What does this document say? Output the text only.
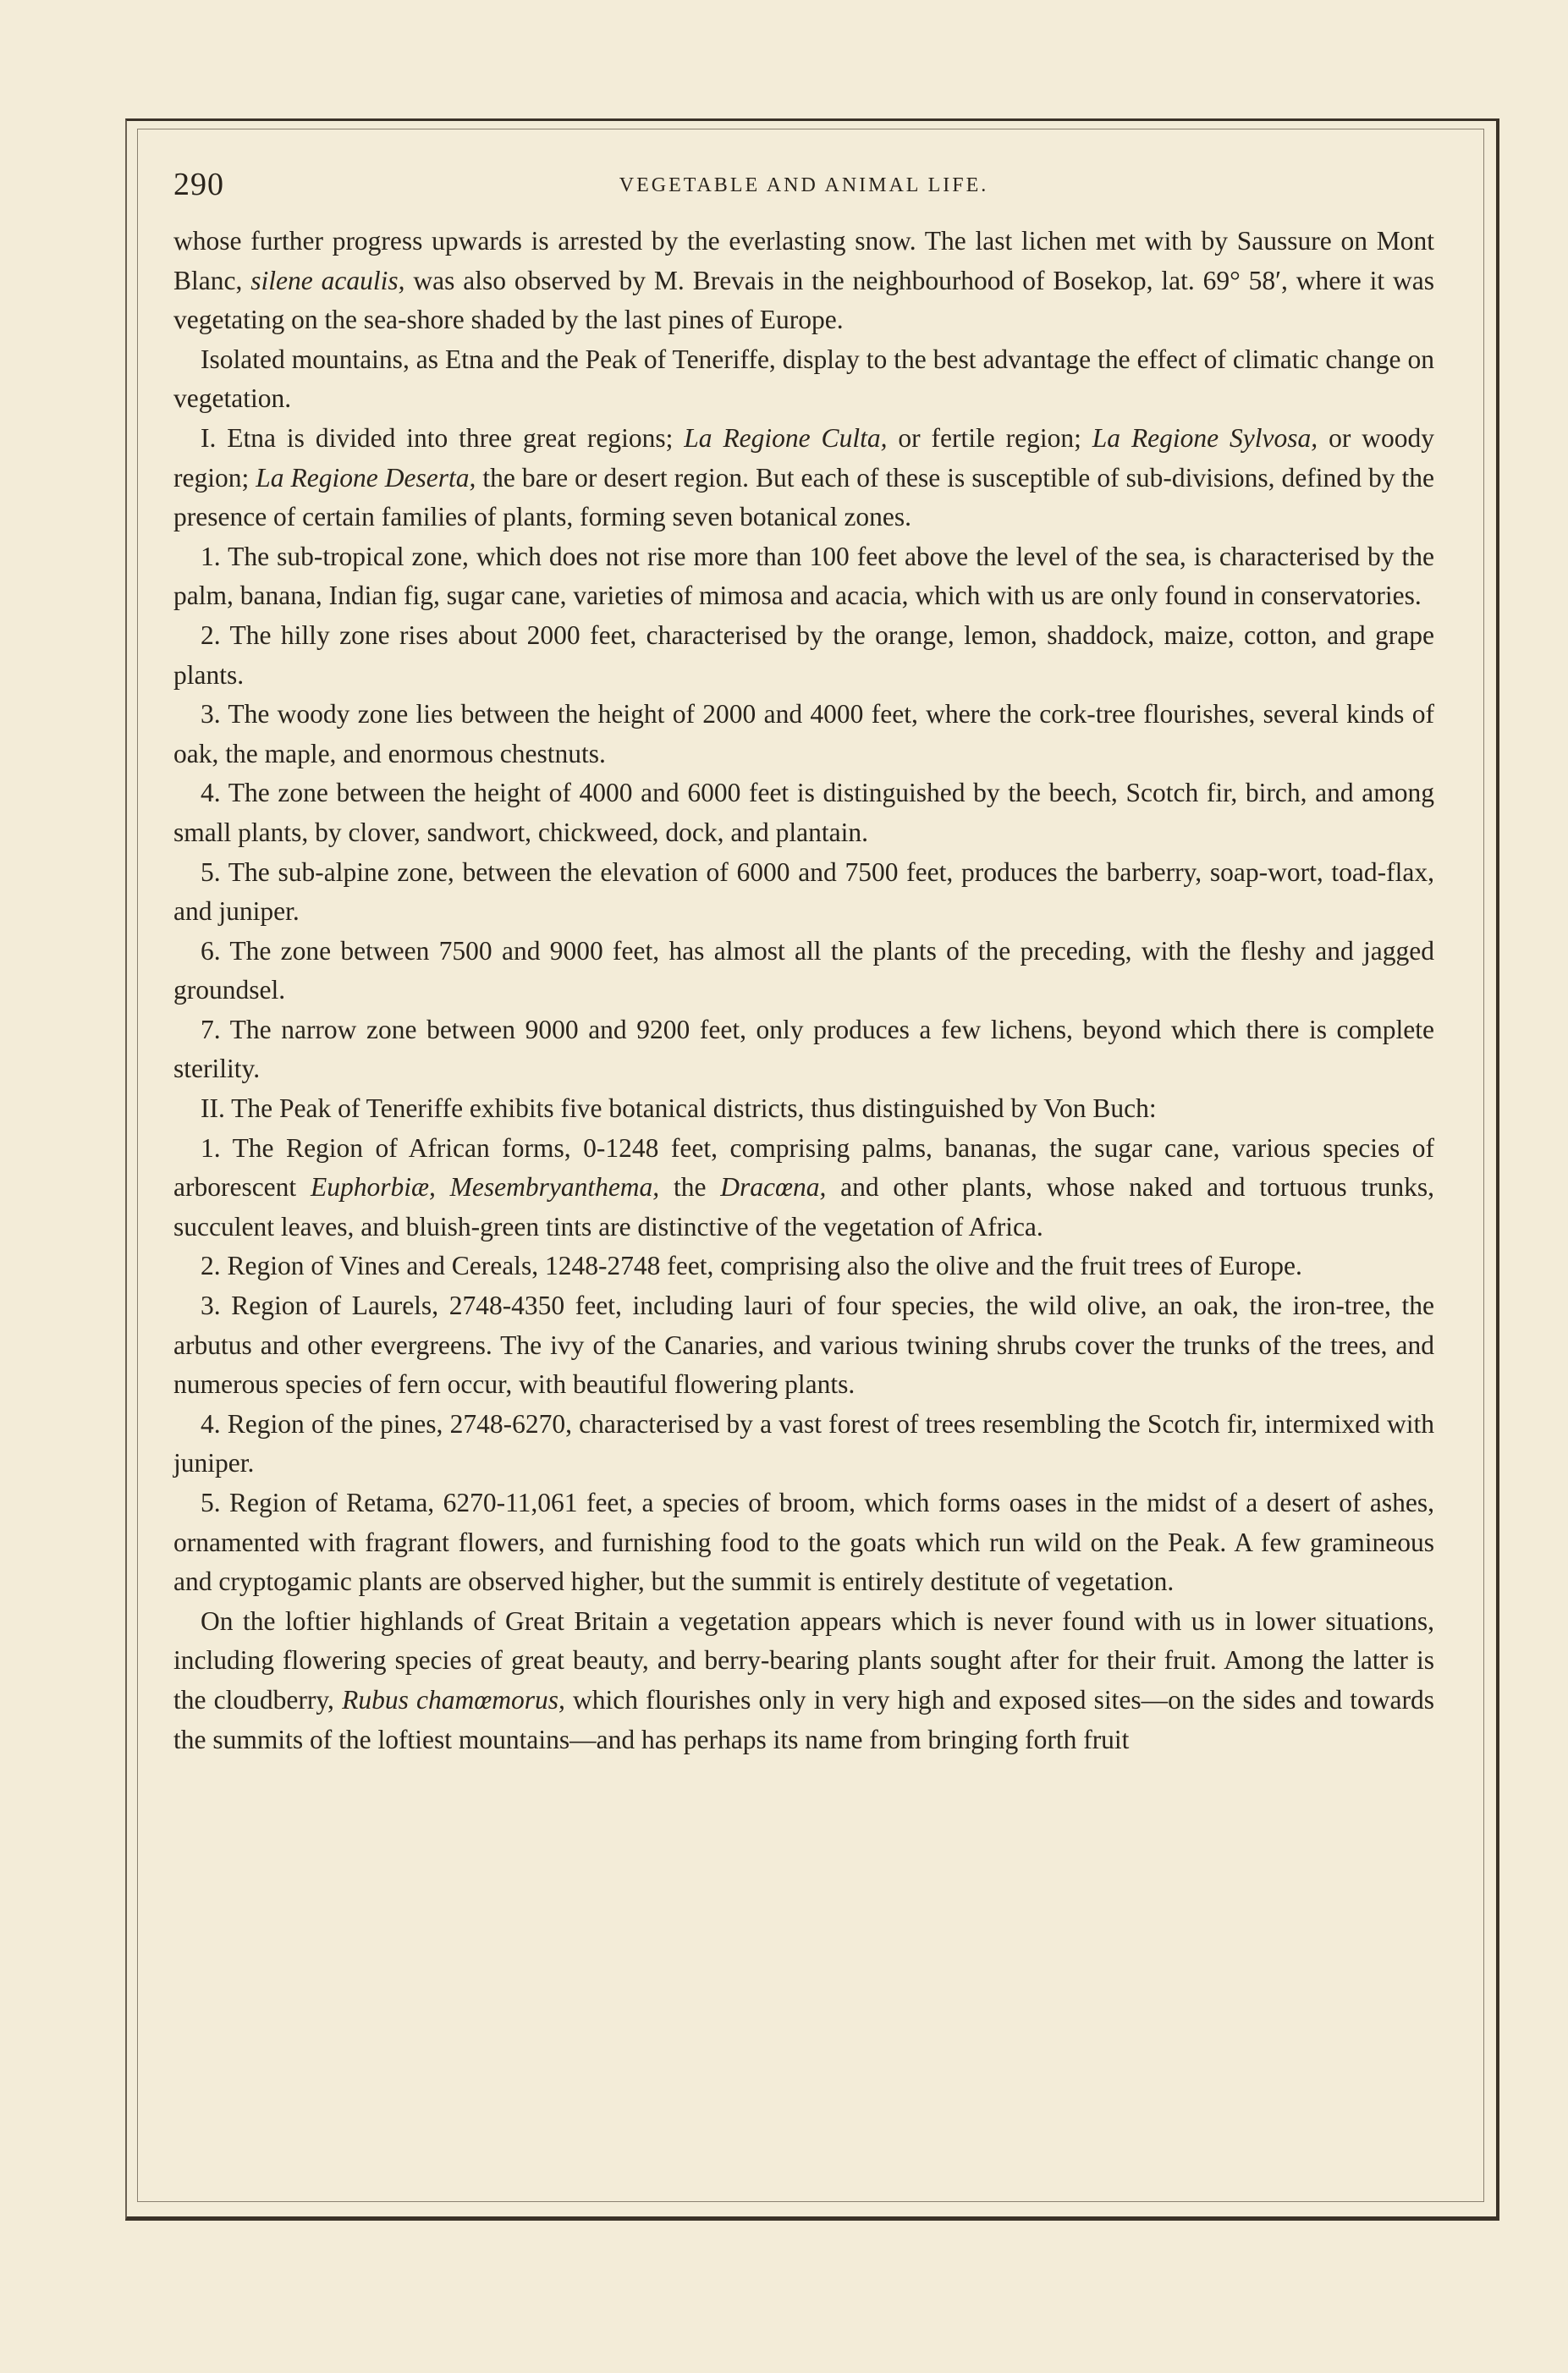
290	VEGETABLE AND ANIMAL LIFE.

whose further progress upwards is arrested by the everlasting snow. The last lichen met with by Saussure on Mont Blanc, silene acaulis, was also observed by M. Brevais in the neighbourhood of Bosekop, lat. 69° 58′, where it was vegetating on the sea-shore shaded by the last pines of Europe.

Isolated mountains, as Etna and the Peak of Teneriffe, display to the best advantage the effect of climatic change on vegetation.

I. Etna is divided into three great regions; La Regione Culta, or fertile region; La Regione Sylvosa, or woody region; La Regione Deserta, the bare or desert region. But each of these is susceptible of sub-divisions, defined by the presence of certain families of plants, forming seven botanical zones.

1. The sub-tropical zone, which does not rise more than 100 feet above the level of the sea, is characterised by the palm, banana, Indian fig, sugar cane, varieties of mimosa and acacia, which with us are only found in conservatories.

2. The hilly zone rises about 2000 feet, characterised by the orange, lemon, shaddock, maize, cotton, and grape plants.

3. The woody zone lies between the height of 2000 and 4000 feet, where the cork-tree flourishes, several kinds of oak, the maple, and enormous chestnuts.

4. The zone between the height of 4000 and 6000 feet is distinguished by the beech, Scotch fir, birch, and among small plants, by clover, sandwort, chickweed, dock, and plantain.

5. The sub-alpine zone, between the elevation of 6000 and 7500 feet, produces the barberry, soap-wort, toad-flax, and juniper.

6. The zone between 7500 and 9000 feet, has almost all the plants of the preceding, with the fleshy and jagged groundsel.

7. The narrow zone between 9000 and 9200 feet, only produces a few lichens, beyond which there is complete sterility.

II. The Peak of Teneriffe exhibits five botanical districts, thus distinguished by Von Buch:

1. The Region of African forms, 0-1248 feet, comprising palms, bananas, the sugar cane, various species of arborescent Euphorbiæ, Mesembryanthema, the Dracœna, and other plants, whose naked and tortuous trunks, succulent leaves, and bluish-green tints are distinctive of the vegetation of Africa.

2. Region of Vines and Cereals, 1248-2748 feet, comprising also the olive and the fruit trees of Europe.

3. Region of Laurels, 2748-4350 feet, including lauri of four species, the wild olive, an oak, the iron-tree, the arbutus and other evergreens. The ivy of the Canaries, and various twining shrubs cover the trunks of the trees, and numerous species of fern occur, with beautiful flowering plants.

4. Region of the pines, 2748-6270, characterised by a vast forest of trees resembling the Scotch fir, intermixed with juniper.

5. Region of Retama, 6270-11,061 feet, a species of broom, which forms oases in the midst of a desert of ashes, ornamented with fragrant flowers, and furnishing food to the goats which run wild on the Peak. A few gramineous and cryptogamic plants are observed higher, but the summit is entirely destitute of vegetation.

On the loftier highlands of Great Britain a vegetation appears which is never found with us in lower situations, including flowering species of great beauty, and berry-bearing plants sought after for their fruit. Among the latter is the cloudberry, Rubus chamœmorus, which flourishes only in very high and exposed sites—on the sides and towards the summits of the loftiest mountains—and has perhaps its name from bringing forth fruit
